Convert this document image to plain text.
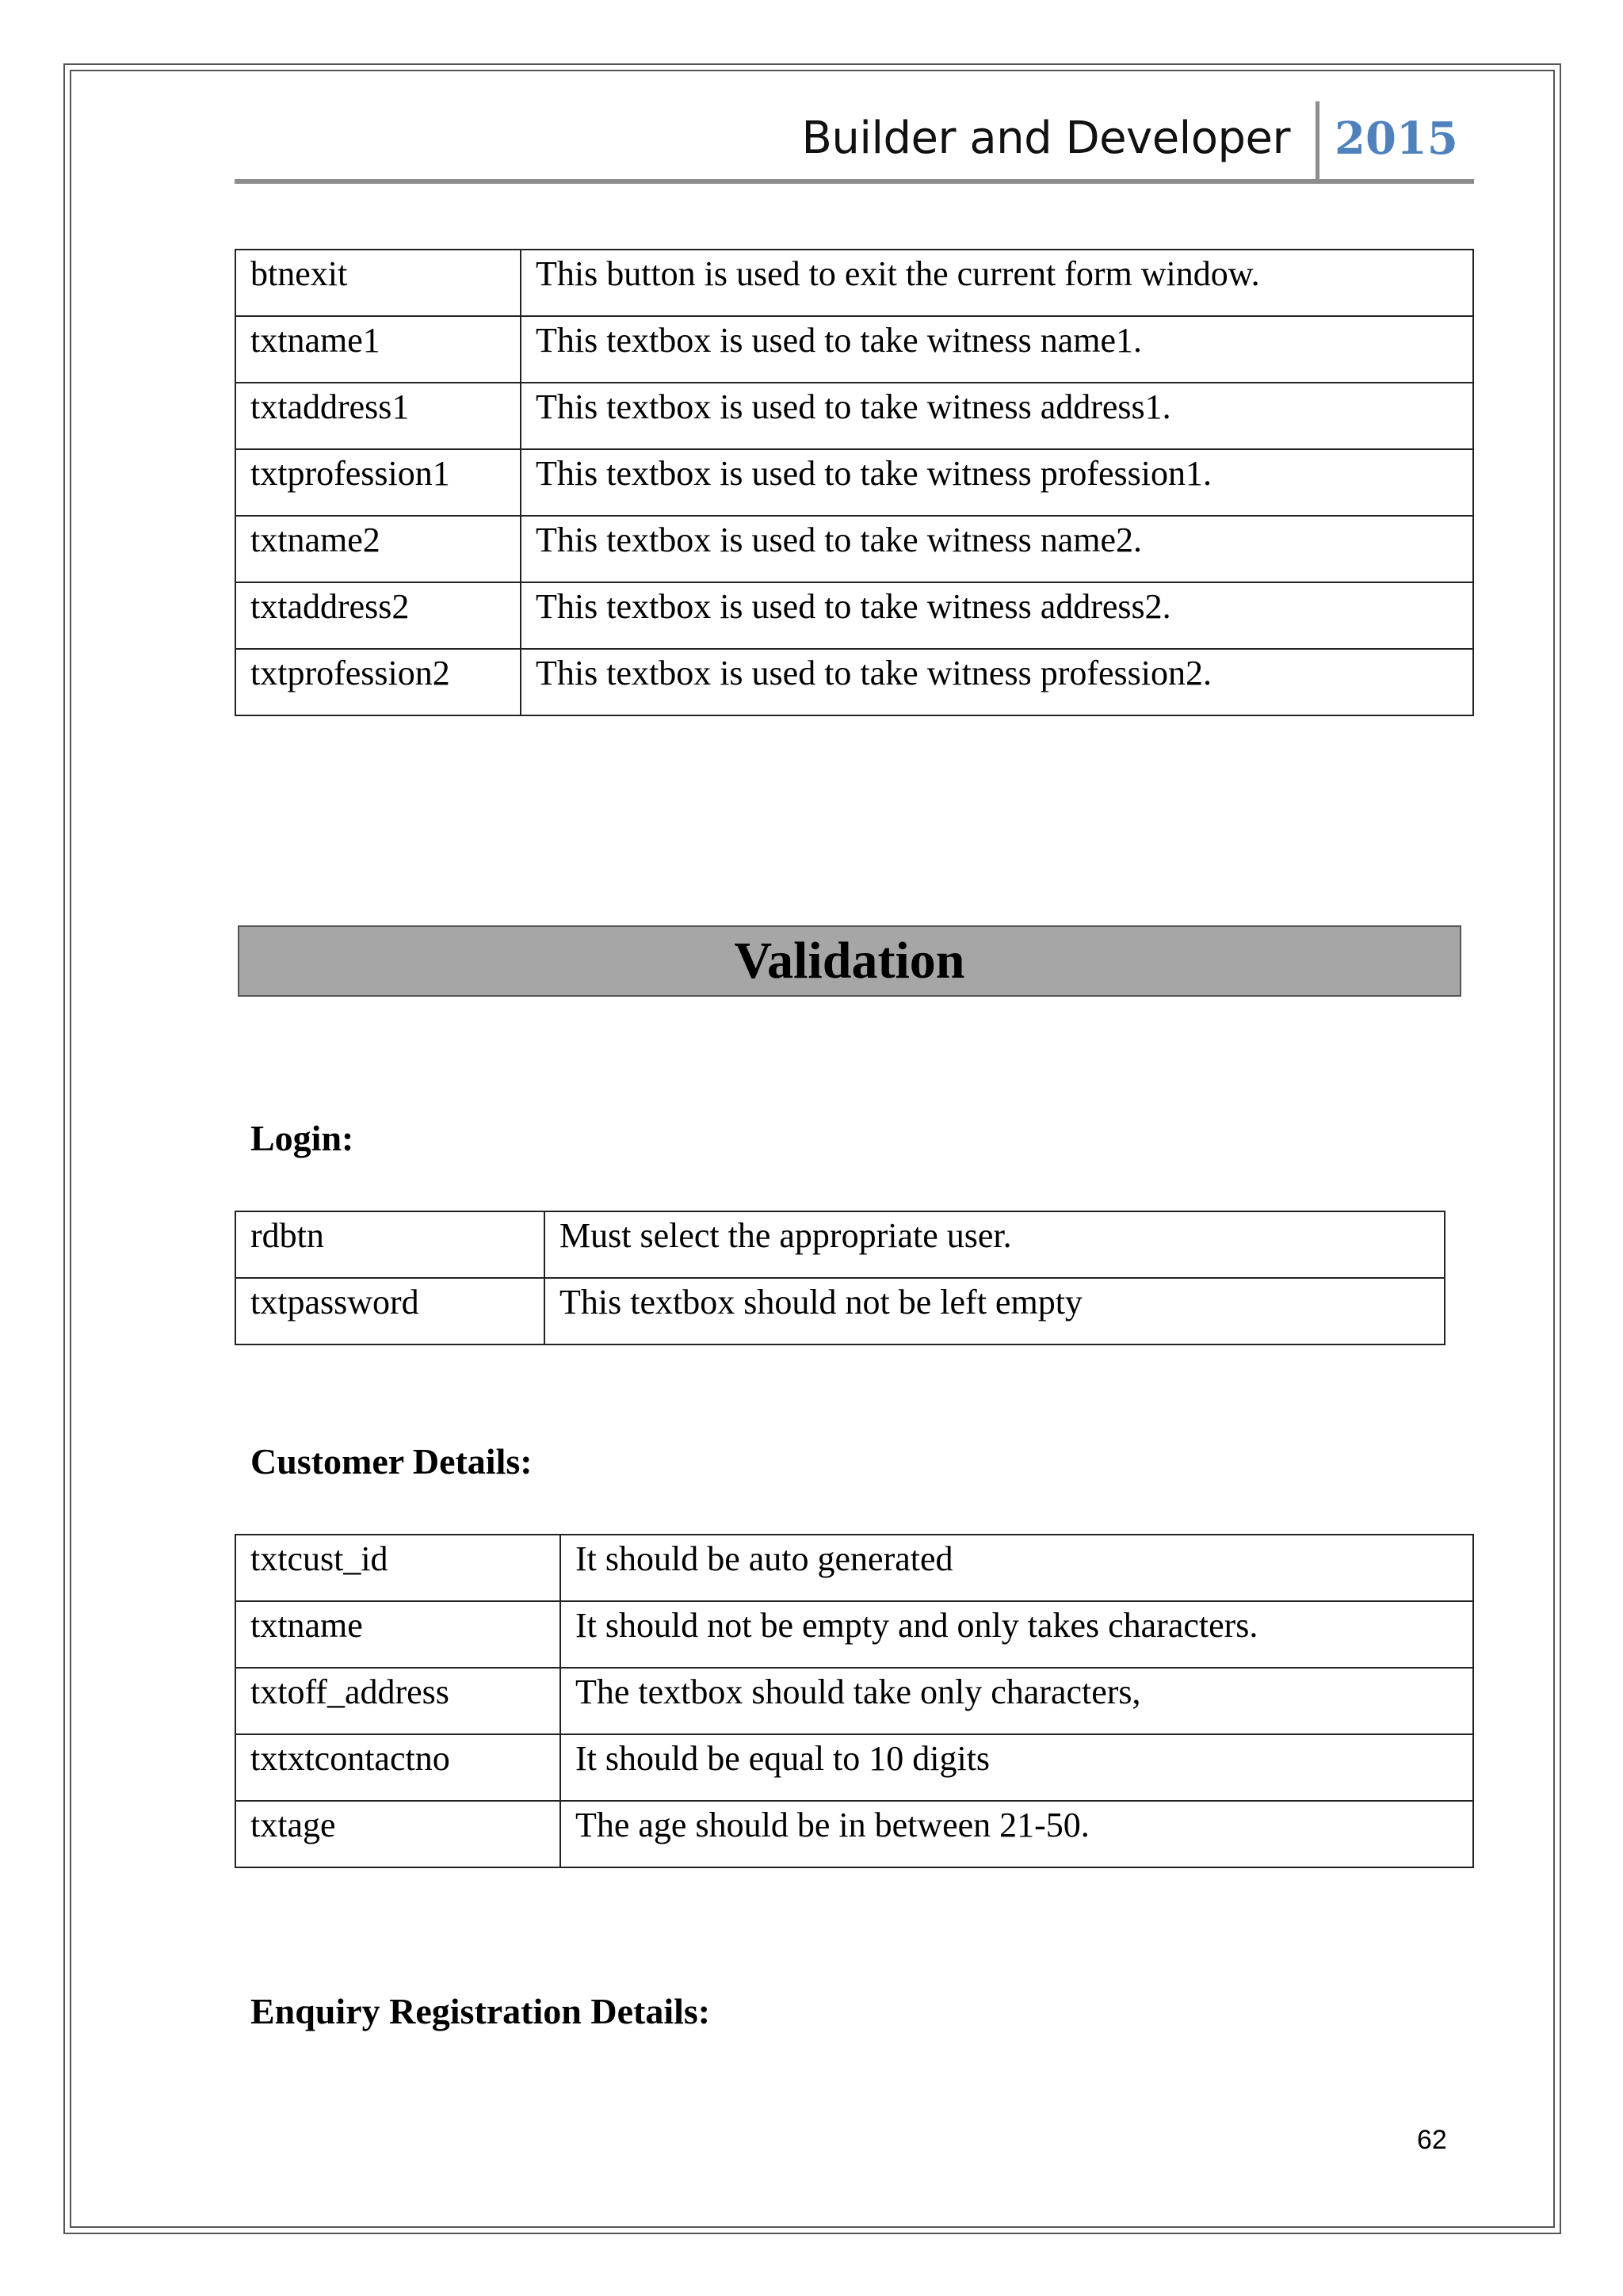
Builder and Developer 2015
btnexit	This button is used to exit the current form window.
txtname1	This textbox is used to take witness name1.
txtaddress1	This textbox is used to take witness address1.
txtprofession1	This textbox is used to take witness profession1.
txtname2	This textbox is used to take witness name2.
txtaddress2	This textbox is used to take witness address2.
txtprofession2	This textbox is used to take witness profession2.
Validation
Login:
rdbtn	Must select the appropriate user.
txtpassword	This textbox should not be left empty
Customer Details:
txtcust_id	It should be auto generated
txtname	It should not be empty and only takes characters.
txtoff_address	The textbox should take only characters,
txtxtcontactno	It should be equal to 10 digits
txtage	The age should be in between 21-50.
Enquiry Registration Details:
62
